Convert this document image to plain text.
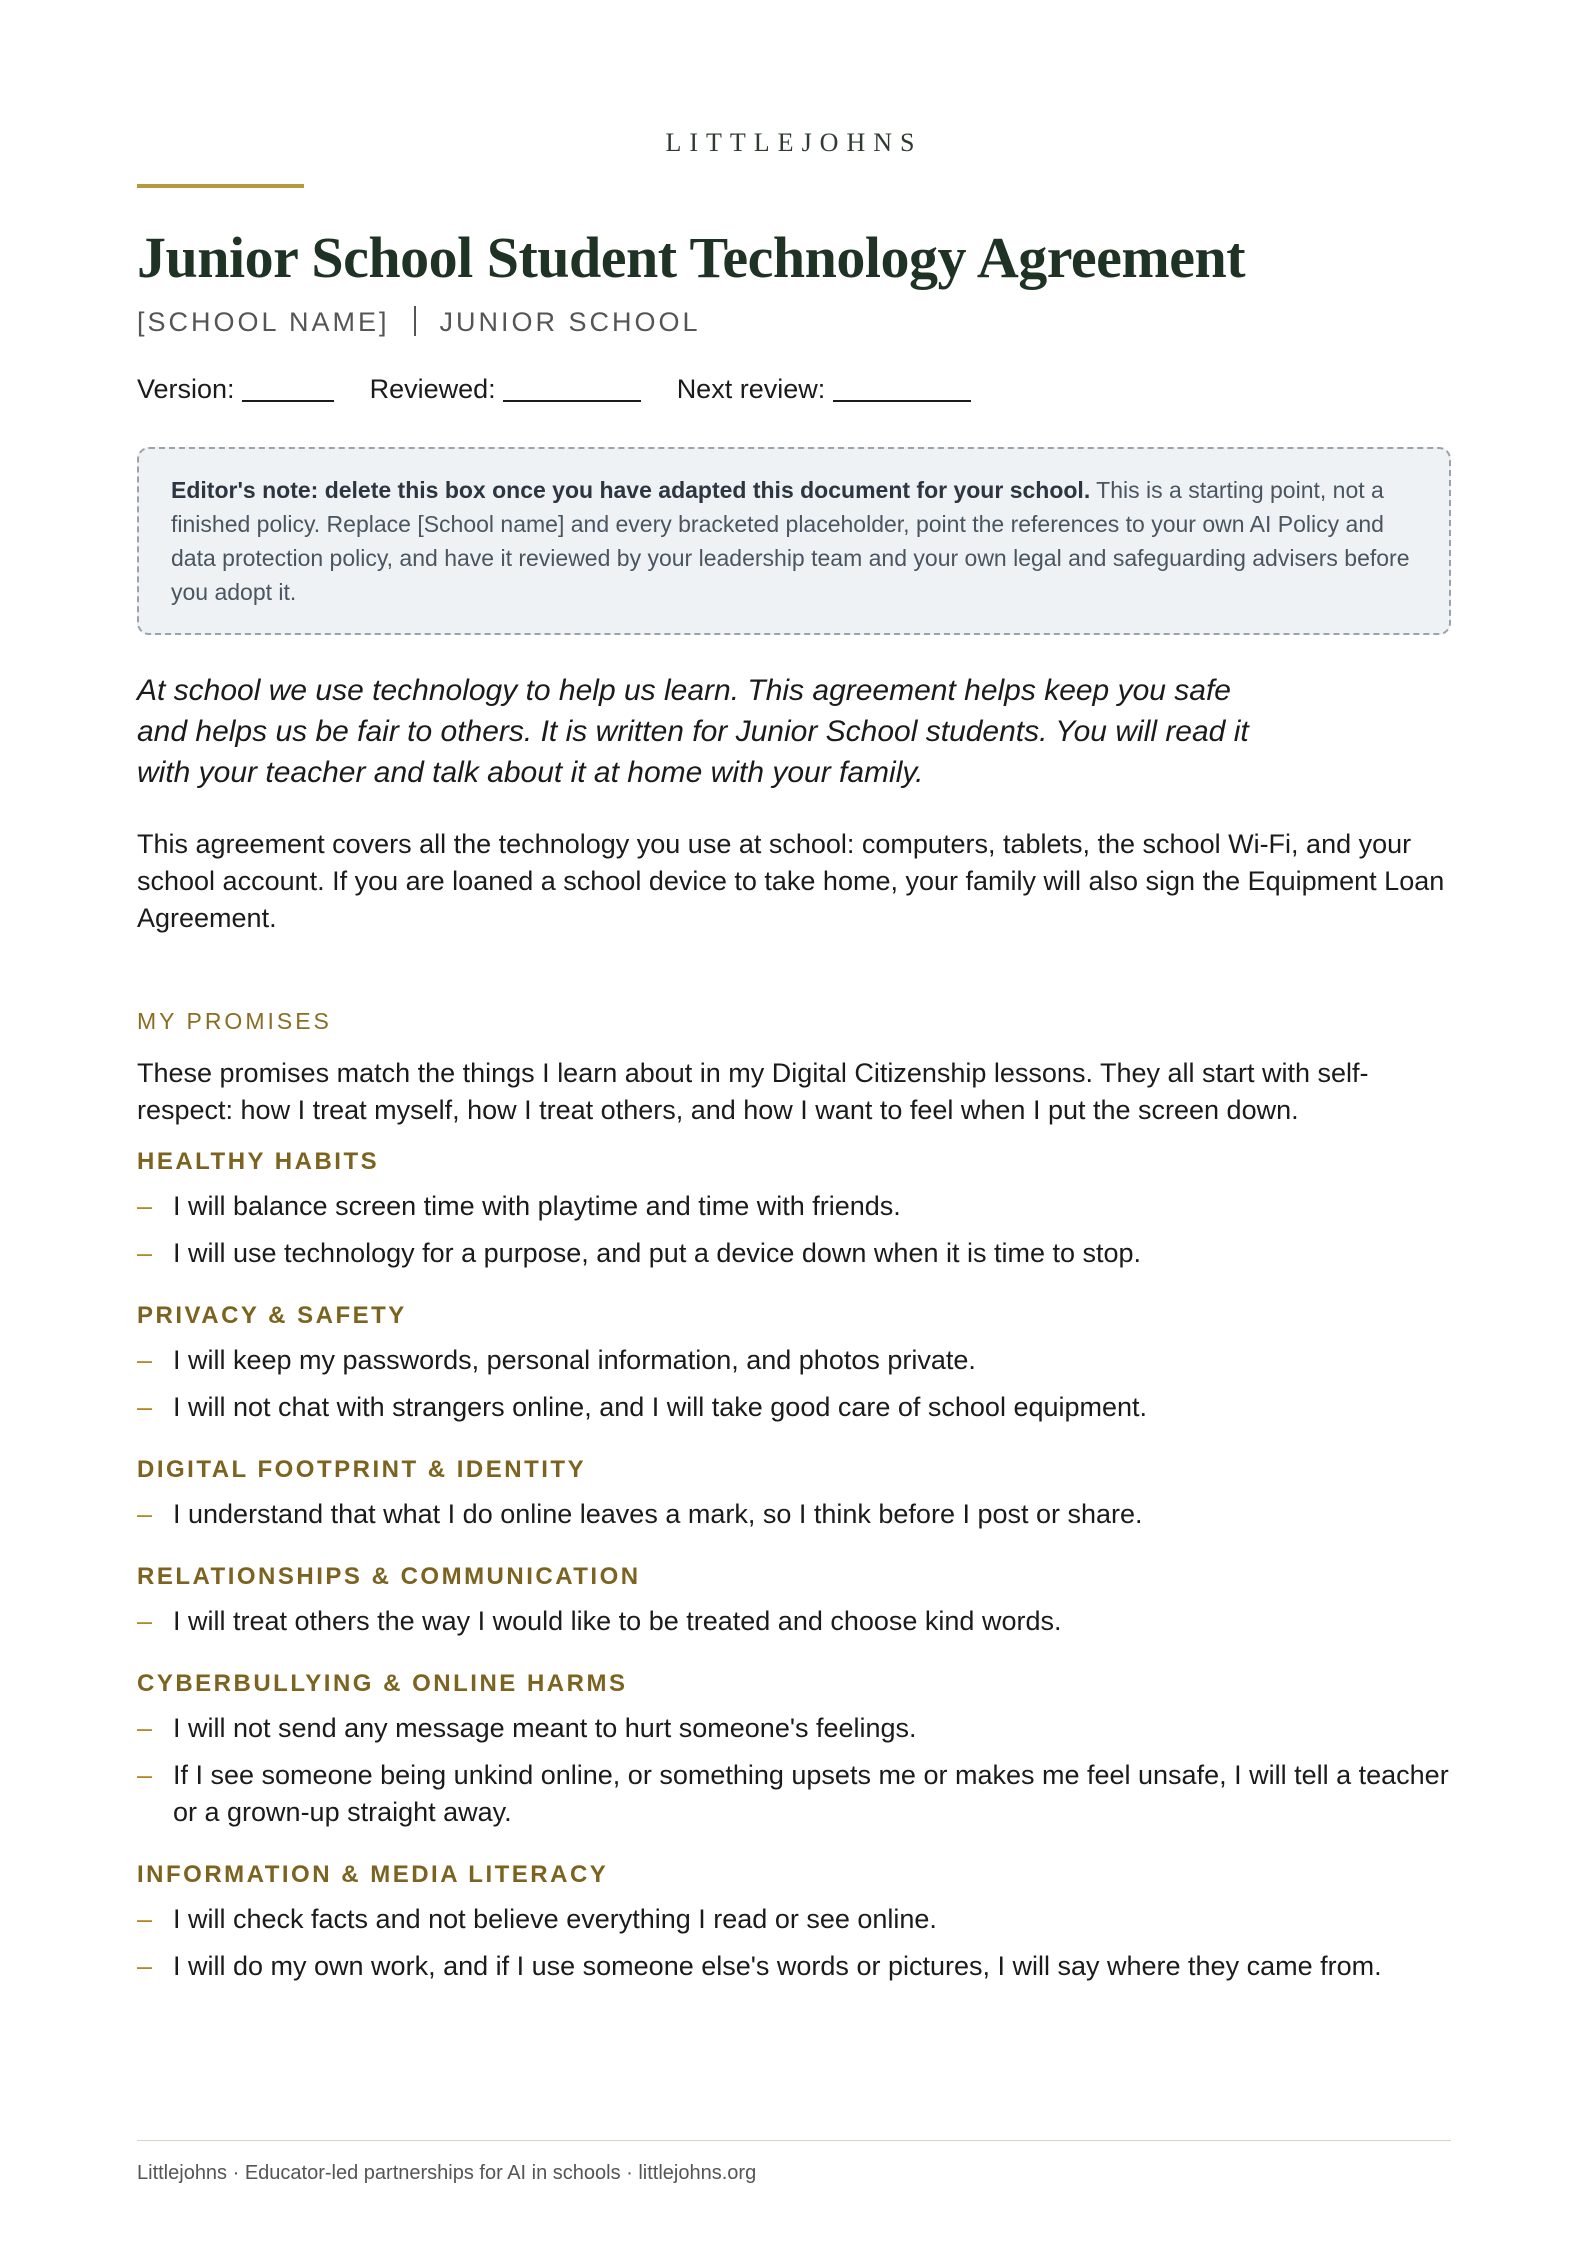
LITTLEJOHNS
Junior School Student Technology Agreement
[SCHOOL NAME] JUNIOR SCHOOL
Version:	Reviewed:	Next review:
Editor's note: delete this box once you have adapted this document for your school. This is a starting point, not a finished policy. Replace [School name] and every bracketed placeholder, point the references to your own AI Policy and data protection policy, and have it reviewed by your leadership team and your own legal and safeguarding advisers before you adopt it.

At school we use technology to help us learn. This agreement helps keep you safe and helps us be fair to others. It is written for Junior School students. You will read it with your teacher and talk about it at home with your family.

This agreement covers all the technology you use at school: computers, tablets, the school Wi-Fi, and your school account. If you are loaned a school device to take home, your family will also sign the Equipment Loan Agreement.

MY PROMISES

These promises match the things I learn about in my Digital Citizenship lessons. They all start with self-respect: how I treat myself, how I treat others, and how I want to feel when I put the screen down.

HEALTHY HABITS
– I will balance screen time with playtime and time with friends.
– I will use technology for a purpose, and put a device down when it is time to stop.
PRIVACY & SAFETY
– I will keep my passwords, personal information, and photos private.
– I will not chat with strangers online, and I will take good care of school equipment.
DIGITAL FOOTPRINT & IDENTITY
– I understand that what I do online leaves a mark, so I think before I post or share.
RELATIONSHIPS & COMMUNICATION
– I will treat others the way I would like to be treated and choose kind words.
CYBERBULLYING & ONLINE HARMS
– I will not send any message meant to hurt someone's feelings.
– If I see someone being unkind online, or something upsets me or makes me feel unsafe, I will tell a teacher or a grown-up straight away.
INFORMATION & MEDIA LITERACY
– I will check facts and not believe everything I read or see online.
– I will do my own work, and if I use someone else's words or pictures, I will say where they came from.
Littlejohns · Educator-led partnerships for AI in schools · littlejohns.org
